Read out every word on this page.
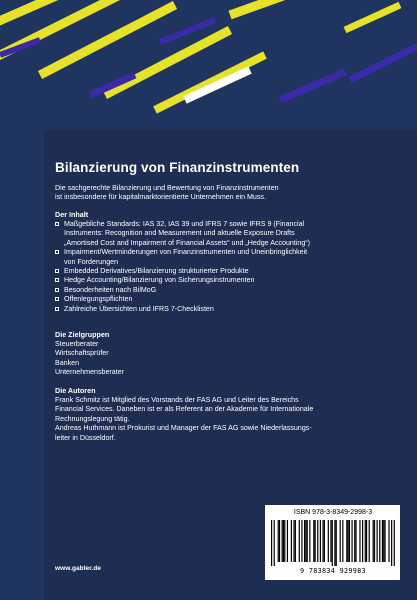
Bilanzierung von Finanzinstrumenten
Die sachgerechte Bilanzierung und Bewertung von Finanzinstrumenten
ist insbesondere für kapitalmarktorientierte Unternehmen ein Muss.
Der Inhalt
Maßgebliche Standards: IAS 32, IAS 39 und IFRS 7 sowie IFRS 9 (Financial
Instruments: Recognition and Measurement und aktuelle Exposure Drafts
„Amortised Cost and Impairment of Financial Assets“ und „Hedge Accounting“)
Impairment/Wertminderungen von Finanzinstrumenten und Uneinbringlichkeit
von Forderungen
Embedded Derivatives/Bilanzierung strukturierter Produkte
Hedge Accounting/Bilanzierung von Sicherungsinstrumenten
Besonderheiten nach BilMoG
Offenlegungspflichten
Zahlreiche Übersichten und IFRS 7-Checklisten
Die Zielgruppen
Steuerberater
Wirtschaftsprüfer
Banken
Unternehmensberater
Die Autoren
Frank Schmitz ist Mitglied des Vorstands der FAS AG und Leiter des Bereichs
Financial Services. Daneben ist er als Referent an der Akademie für Internationale
Rechnungslegung tätig.
Andreas Huthmann ist Prokurist und Manager der FAS AG sowie Niederlassungs-
leiter in Düsseldorf.
ISBN 978-3-8349-2998-3
9 783834 929983
www.gabler.de
